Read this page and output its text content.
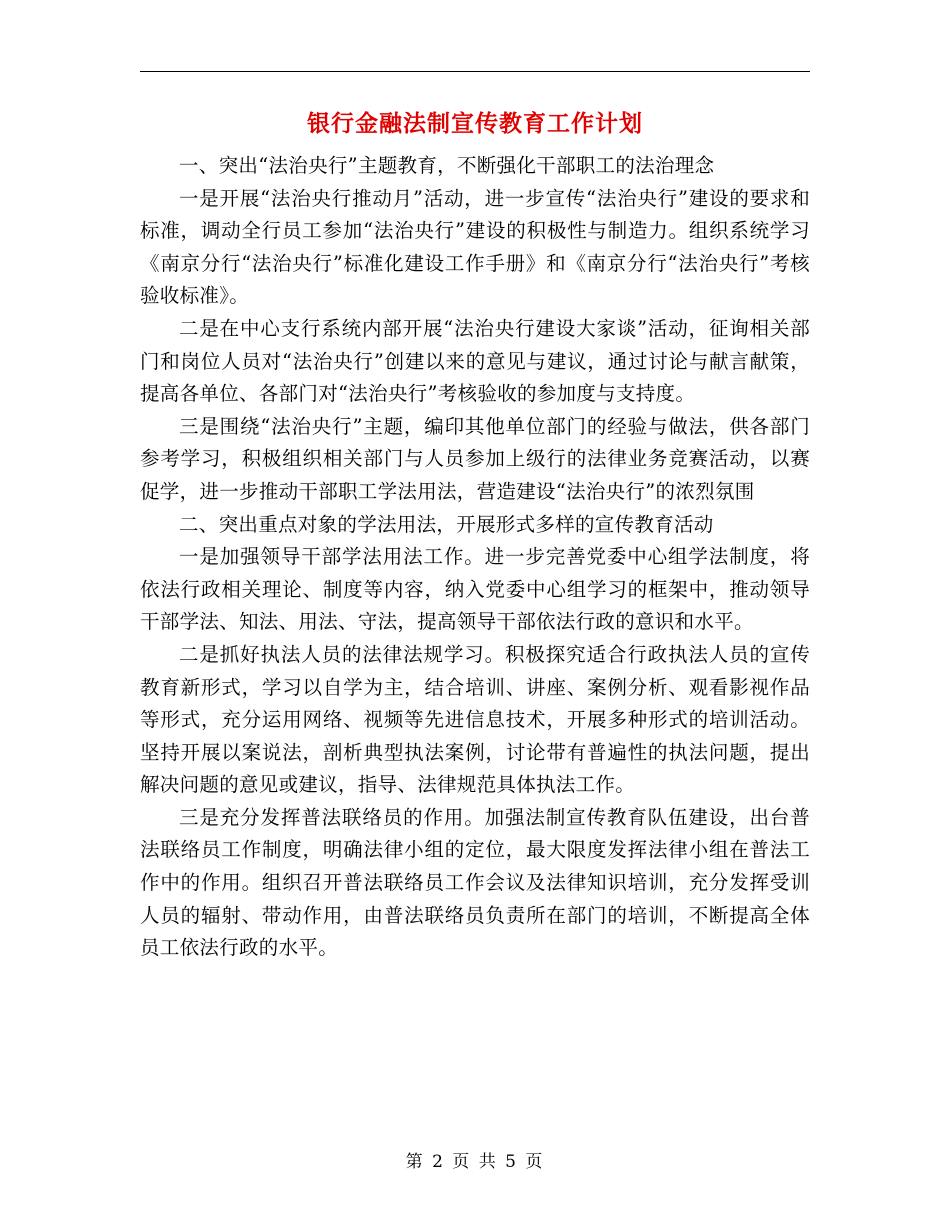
银行金融法制宣传教育工作计划

一、突出“法治央行”主题教育，不断强化干部职工的法治理念

一是开展“法治央行推动月”活动，进一步宣传“法治央行”建设的要求和标准，调动全行员工参加“法治央行”建设的积极性与制造力。组织系统学习《南京分行“法治央行”标准化建设工作手册》和《南京分行“法治央行”考核验收标准》。

二是在中心支行系统内部开展“法治央行建设大家谈”活动，征询相关部门和岗位人员对“法治央行”创建以来的意见与建议，通过讨论与献言献策，提高各单位、各部门对“法治央行”考核验收的参加度与支持度。

三是围绕“法治央行”主题，编印其他单位部门的经验与做法，供各部门参考学习，积极组织相关部门与人员参加上级行的法律业务竞赛活动，以赛促学，进一步推动干部职工学法用法，营造建设“法治央行”的浓烈氛围

二、突出重点对象的学法用法，开展形式多样的宣传教育活动

一是加强领导干部学法用法工作。进一步完善党委中心组学法制度，将依法行政相关理论、制度等内容，纳入党委中心组学习的框架中，推动领导干部学法、知法、用法、守法，提高领导干部依法行政的意识和水平。

二是抓好执法人员的法律法规学习。积极探究适合行政执法人员的宣传教育新形式，学习以自学为主，结合培训、讲座、案例分析、观看影视作品等形式，充分运用网络、视频等先进信息技术，开展多种形式的培训活动。坚持开展以案说法，剖析典型执法案例，讨论带有普遍性的执法问题，提出解决问题的意见或建议，指导、法律规范具体执法工作。

三是充分发挥普法联络员的作用。加强法制宣传教育队伍建设，出台普法联络员工作制度，明确法律小组的定位，最大限度发挥法律小组在普法工作中的作用。组织召开普法联络员工作会议及法律知识培训，充分发挥受训人员的辐射、带动作用，由普法联络员负责所在部门的培训，不断提高全体员工依法行政的水平。

第 2 页 共 5 页
